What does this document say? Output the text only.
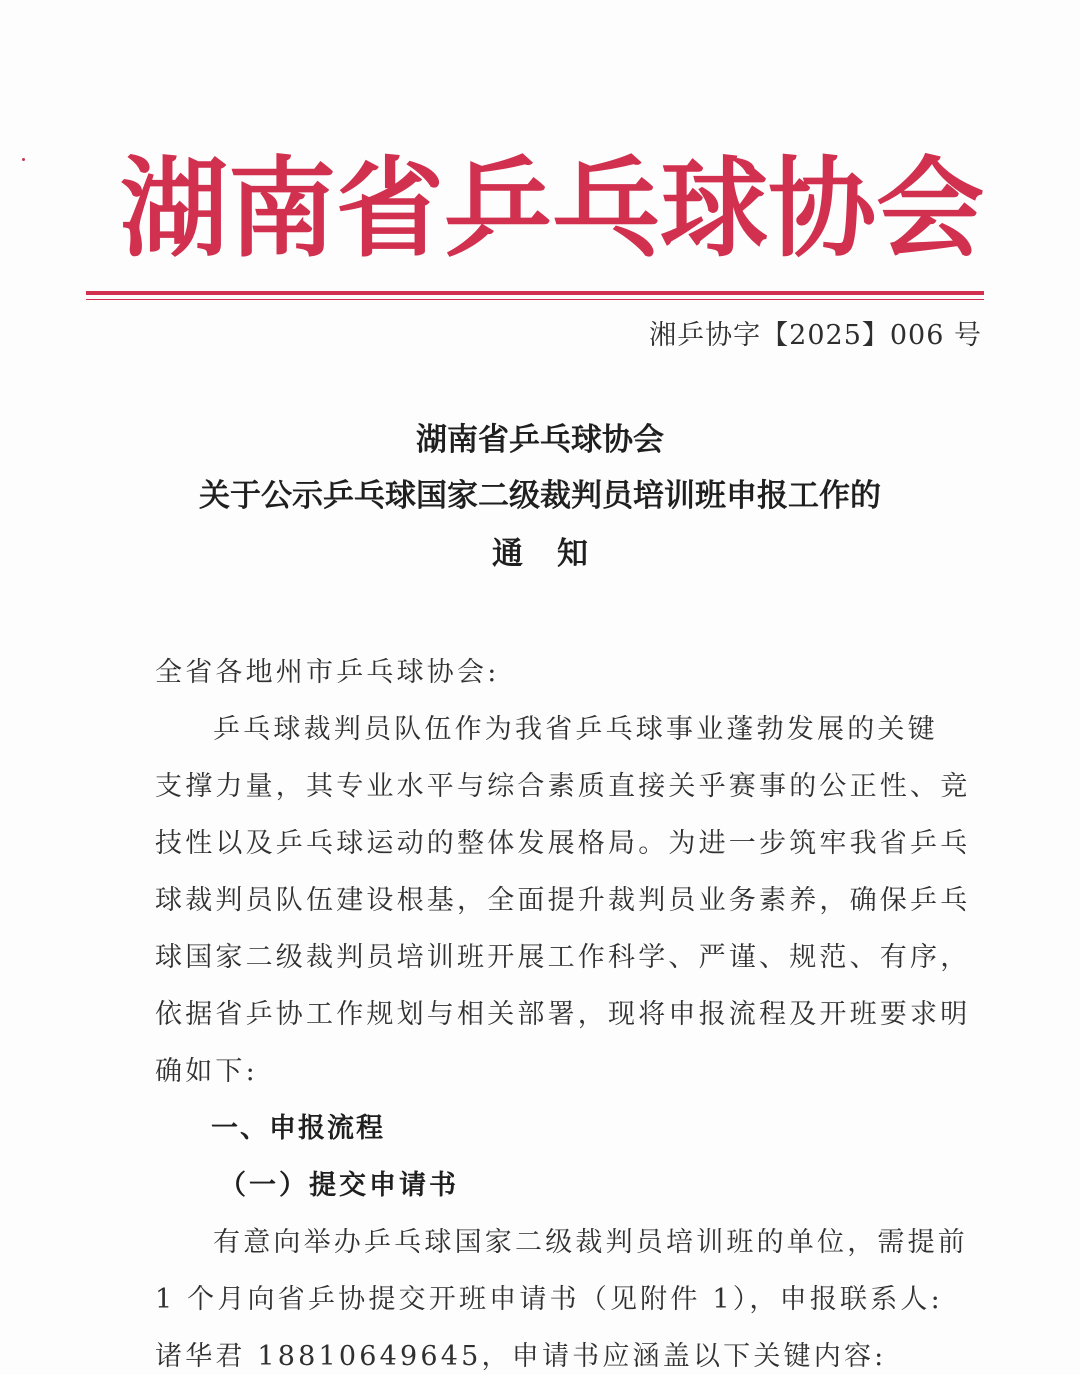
湖 南 省 乒 乓 球 协 会
湘乒协字【2025】006 号
湖南省乒乓球协会
关于公示乒乓球国家二级裁判员培训班申报工作的
通知
全省各地州市乒乓球协会:
乒乓球裁判员队伍作为我省乒乓球事业蓬勃发展的关键
支撑力量，其专业水平与综合素质直接关乎赛事的公正性、竞
技性以及乒乓球运动的整体发展格局。为进一步筑牢我省乒乓
球裁判员队伍建设根基，全面提升裁判员业务素养，确保乒乓
球国家二级裁判员培训班开展工作科学、严谨、规范、有序，
依据省乒协工作规划与相关部署，现将申报流程及开班要求明
确如下:
一、申报流程
（一）提交申请书
有意向举办乒乓球国家二级裁判员培训班的单位，需提前
1 个月向省乒协提交开班申请书（见附件 1），申报联系人:
诸华君 18810649645，申请书应涵盖以下关键内容:
